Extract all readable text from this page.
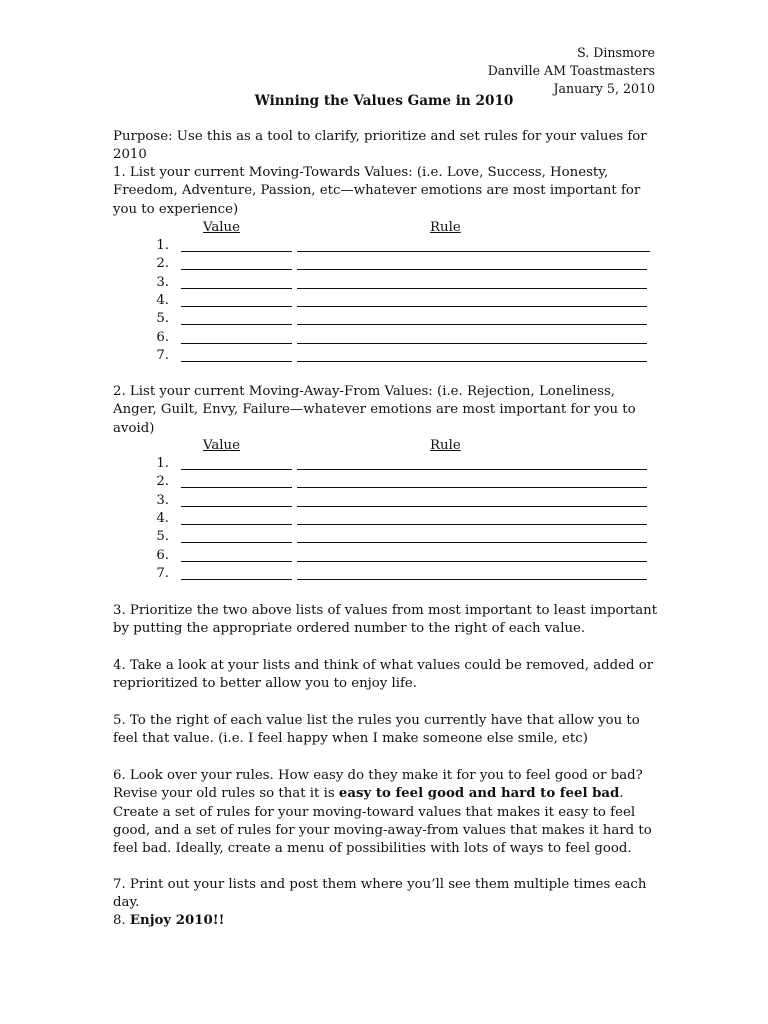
S. Dinsmore
Danville AM Toastmasters
January 5, 2010
Winning the Values Game in 2010
Purpose: Use this as a tool to clarify, prioritize and set rules for your values for 2010
1. List your current Moving-Towards Values: (i.e. Love, Success, Honesty, Freedom, Adventure, Passion, etc—whatever emotions are most important for you to experience)
Value	Rule
1.
2.
3.
4.
5.
6.
7.
2. List your current Moving-Away-From Values: (i.e. Rejection, Loneliness, Anger, Guilt, Envy, Failure—whatever emotions are most important for you to avoid)
Value	Rule
1.
2.
3.
4.
5.
6.
7.
3. Prioritize the two above lists of values from most important to least important by putting the appropriate ordered number to the right of each value.
4. Take a look at your lists and think of what values could be removed, added or reprioritized to better allow you to enjoy life.
5. To the right of each value list the rules you currently have that allow you to feel that value. (i.e. I feel happy when I make someone else smile, etc)
6. Look over your rules. How easy do they make it for you to feel good or bad? Revise your old rules so that it is easy to feel good and hard to feel bad. Create a set of rules for your moving-toward values that makes it easy to feel good, and a set of rules for your moving-away-from values that makes it hard to feel bad. Ideally, create a menu of possibilities with lots of ways to feel good.
7. Print out your lists and post them where you’ll see them multiple times each day.
8. Enjoy 2010!!
